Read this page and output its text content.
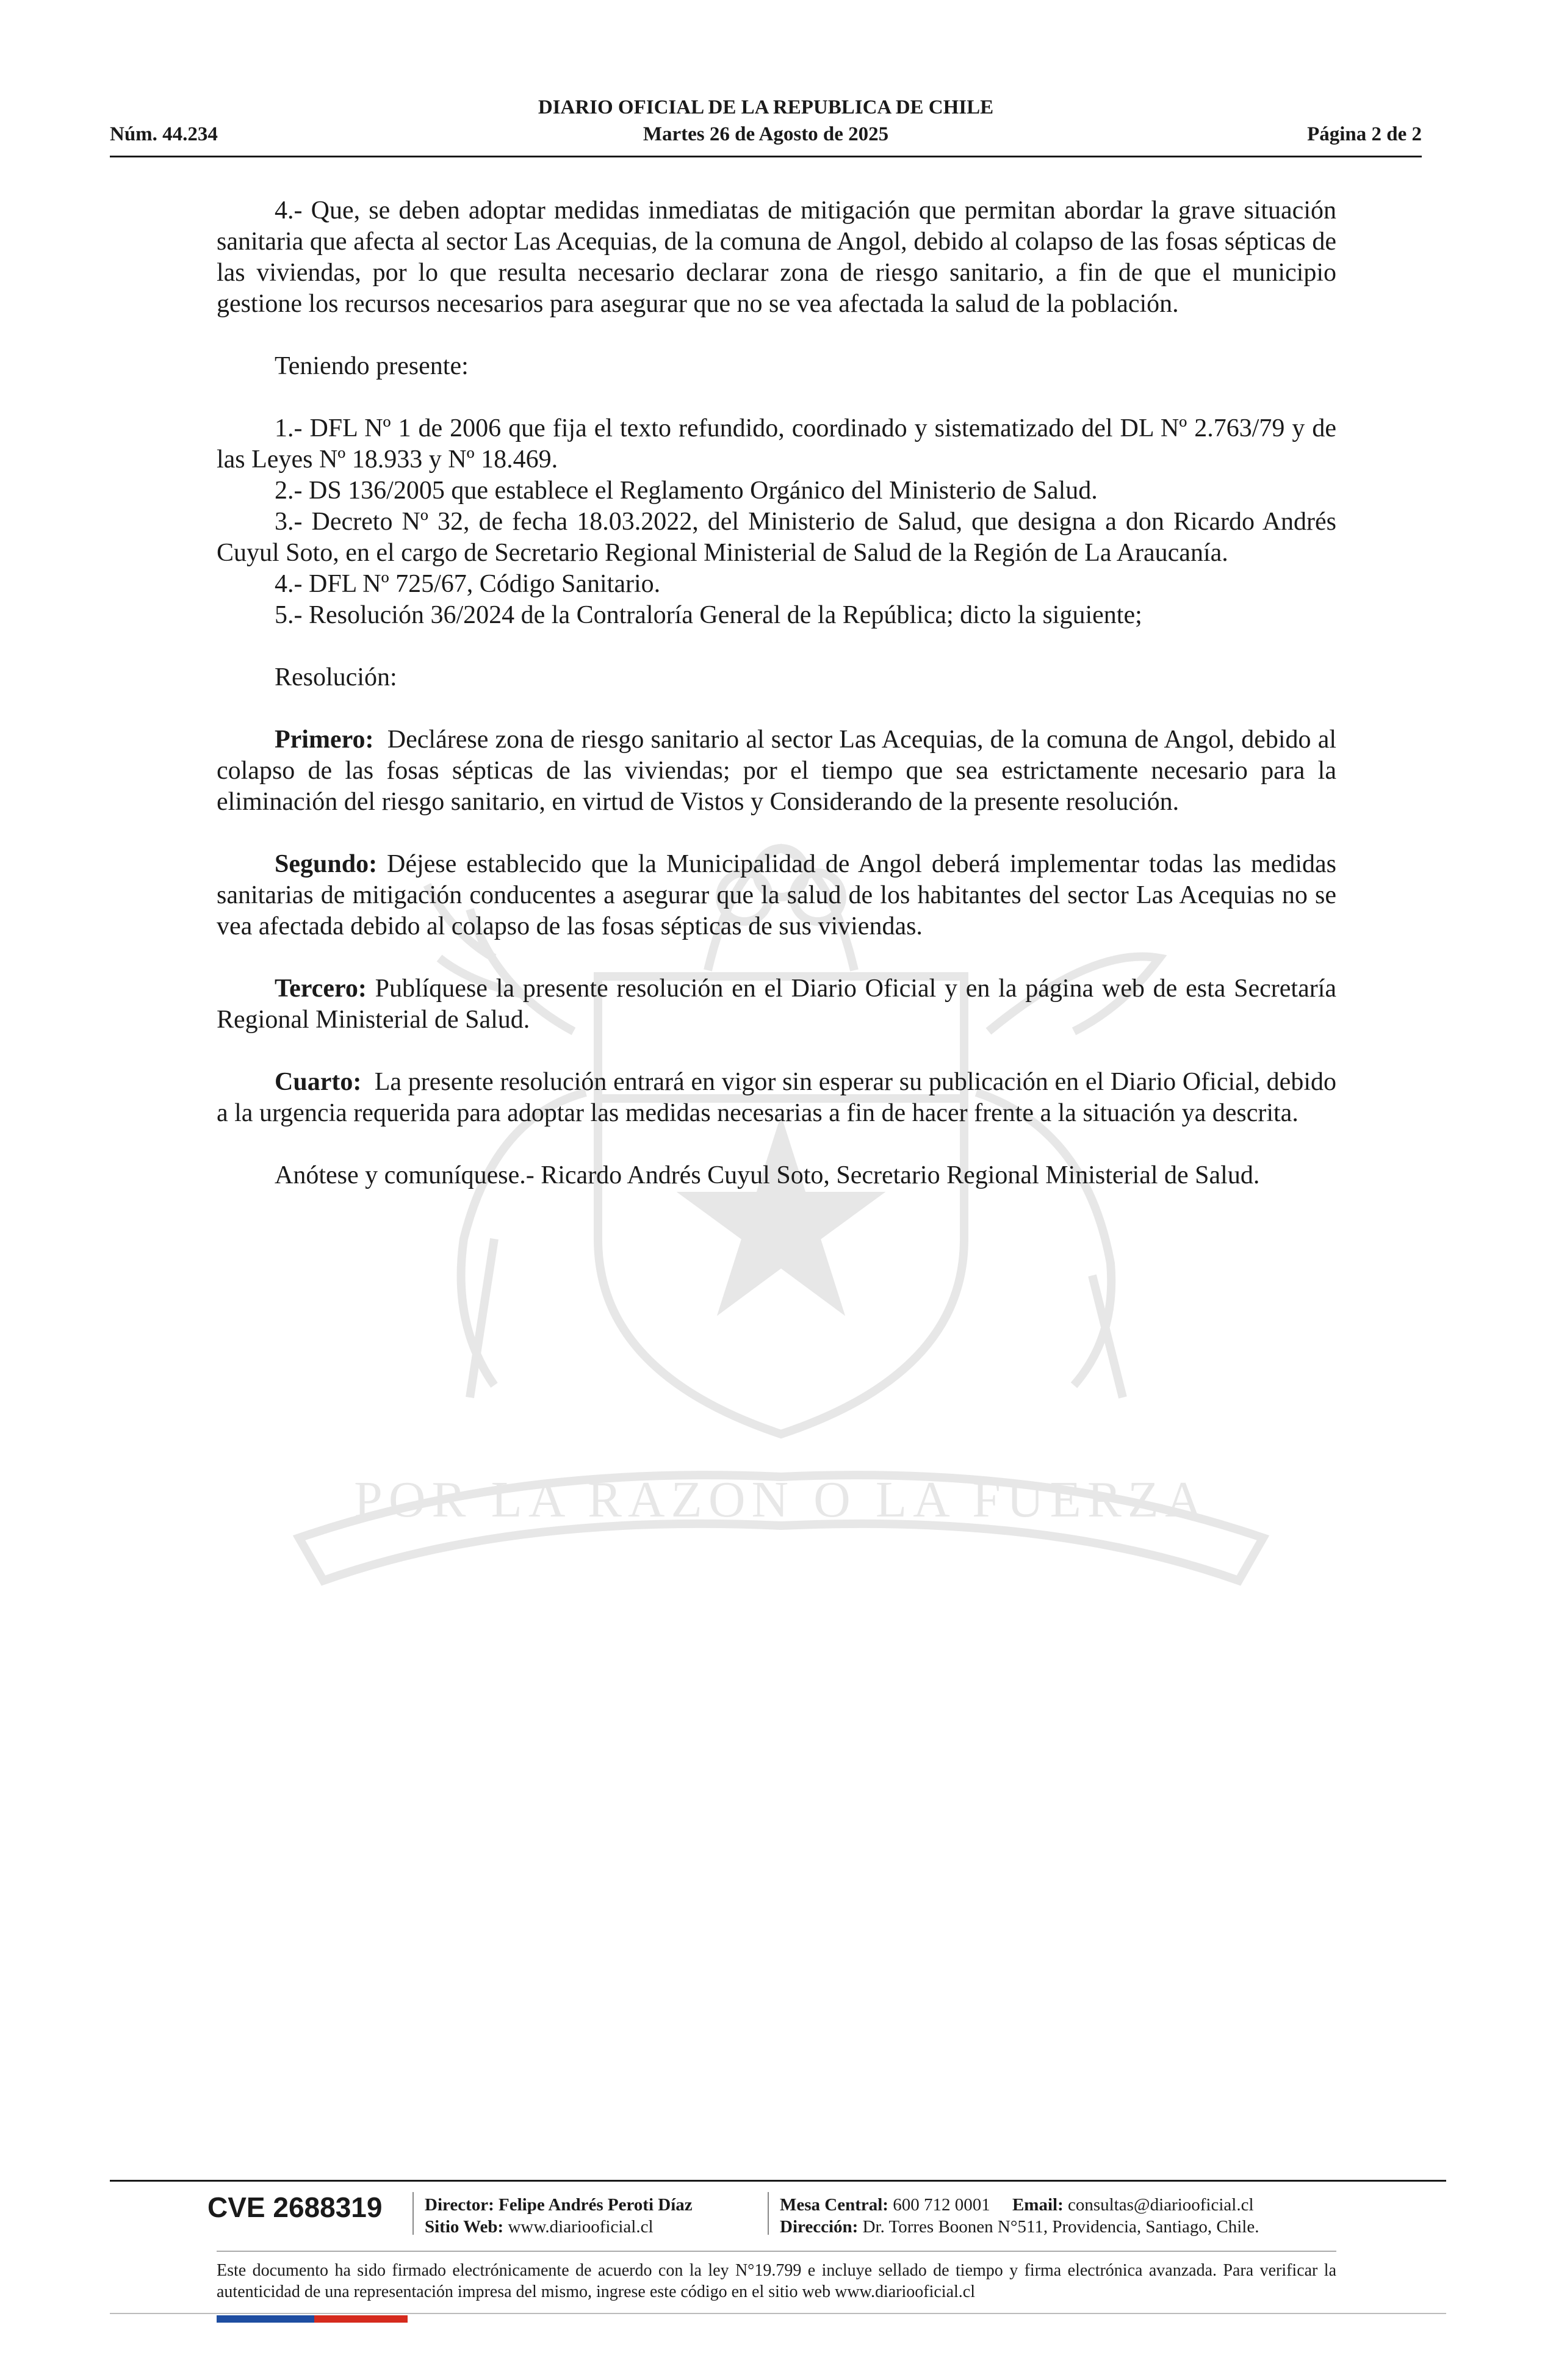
POR LA RAZON O LA FUERZA
DIARIO OFICIAL DE LA REPUBLICA DE CHILE
Martes 26 de Agosto de 2025
Núm. 44.234	Página 2 de 2

4.- Que, se deben adoptar medidas inmediatas de mitigación que permitan abordar la grave situación sanitaria que afecta al sector Las Acequias, de la comuna de Angol, debido al colapso de las fosas sépticas de las viviendas, por lo que resulta necesario declarar zona de riesgo sanitario, a fin de que el municipio gestione los recursos necesarios para asegurar que no se vea afectada la salud de la población.

Teniendo presente:

1.- DFL Nº 1 de 2006 que fija el texto refundido, coordinado y sistematizado del DL Nº 2.763/79 y de las Leyes Nº 18.933 y Nº 18.469.

2.- DS 136/2005 que establece el Reglamento Orgánico del Ministerio de Salud.

3.- Decreto Nº 32, de fecha 18.03.2022, del Ministerio de Salud, que designa a don Ricardo Andrés Cuyul Soto, en el cargo de Secretario Regional Ministerial de Salud de la Región de La Araucanía.

4.- DFL Nº 725/67, Código Sanitario.

5.- Resolución 36/2024 de la Contraloría General de la República; dicto la siguiente;

Resolución:

Primero: Declárese zona de riesgo sanitario al sector Las Acequias, de la comuna de Angol, debido al colapso de las fosas sépticas de las viviendas; por el tiempo que sea estrictamente necesario para la eliminación del riesgo sanitario, en virtud de Vistos y Considerando de la presente resolución.

Segundo: Déjese establecido que la Municipalidad de Angol deberá implementar todas las medidas sanitarias de mitigación conducentes a asegurar que la salud de los habitantes del sector Las Acequias no se vea afectada debido al colapso de las fosas sépticas de sus viviendas.

Tercero: Publíquese la presente resolución en el Diario Oficial y en la página web de esta Secretaría Regional Ministerial de Salud.

Cuarto: La presente resolución entrará en vigor sin esperar su publicación en el Diario Oficial, debido a la urgencia requerida para adoptar las medidas necesarias a fin de hacer frente a la situación ya descrita.

Anótese y comuníquese.- Ricardo Andrés Cuyul Soto, Secretario Regional Ministerial de Salud.

CVE 2688319 Director: Felipe Andrés Peroti Díaz
Sitio Web: www.diariooficial.cl
Mesa Central: 600 712 0001 Email: consultas@diariooficial.cl
Dirección: Dr. Torres Boonen N°511, Providencia, Santiago, Chile.
Este documento ha sido firmado electrónicamente de acuerdo con la ley N°19.799 e incluye sellado de tiempo y firma electrónica avanzada. Para verificar la autenticidad de una representación impresa del mismo, ingrese este código en el sitio web www.diariooficial.cl
